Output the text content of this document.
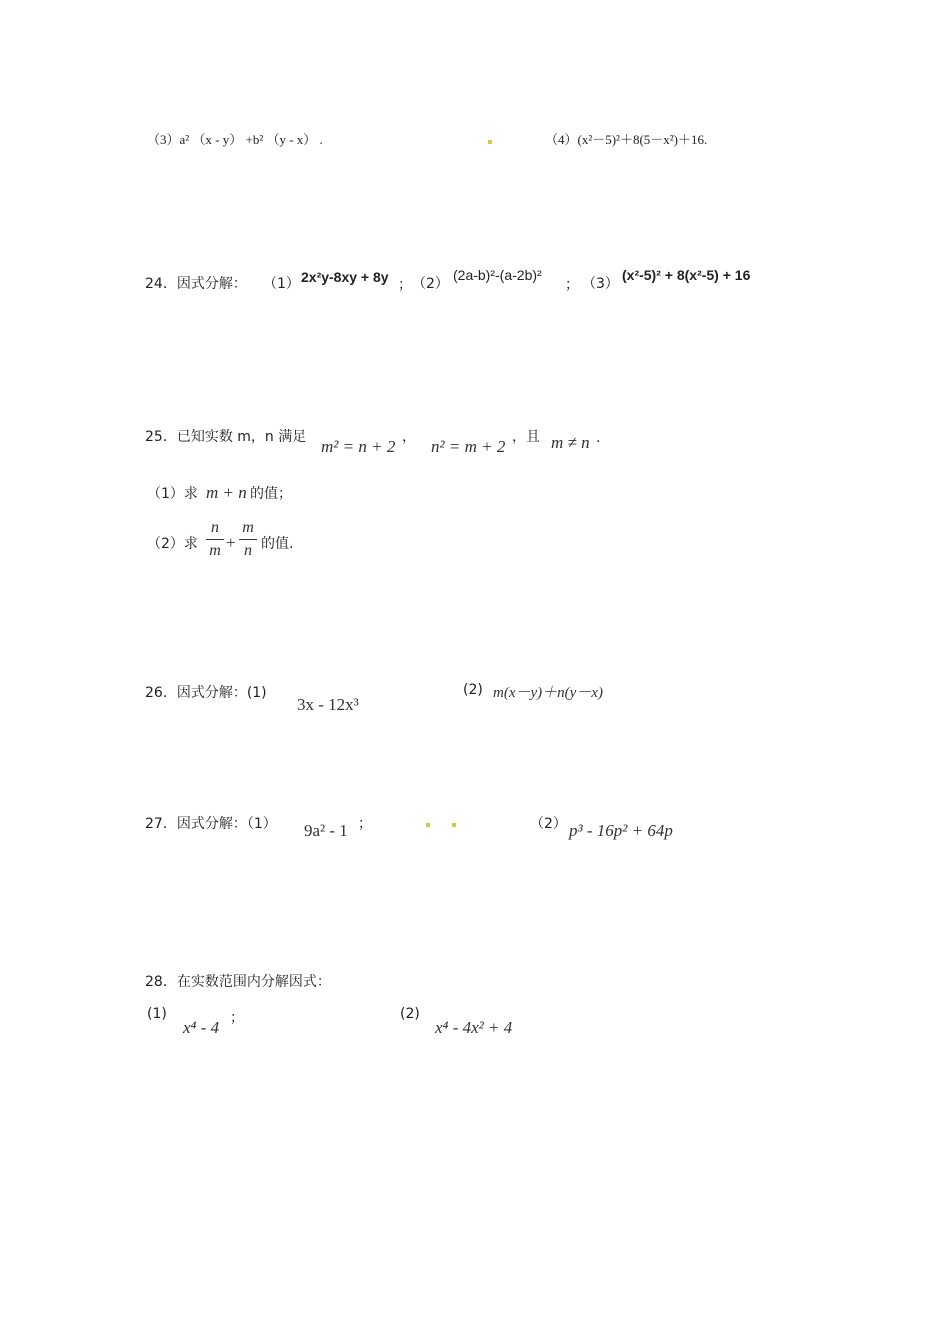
（3）a² （x - y） +b² （y - x） .	（4）(x²－5)²＋8(5－x²)＋16.
24．因式分解： （1） 2x²y-8xy + 8y ； （2）
(2a-b)²-(a-2b)²
； （3）
(x²-5)² + 8(x²-5) + 16
25．已知实数 m，n 满足 m² = n + 2 ， n² = m + 2 ，且 m ≠ n .
（1）求 m + n 的值；
（2）求
n
m +
m
n 的值.
26．因式分解：(1)
3x - 12x³
(2) m(x－y)＋n(y－x)
27．因式分解：（1） 9a² - 1 ；	（2） p³ - 16p² + 64p
28．在实数范围内分解因式：
(1)
x⁴ - 4 ；	(2)
x⁴ - 4x² + 4
